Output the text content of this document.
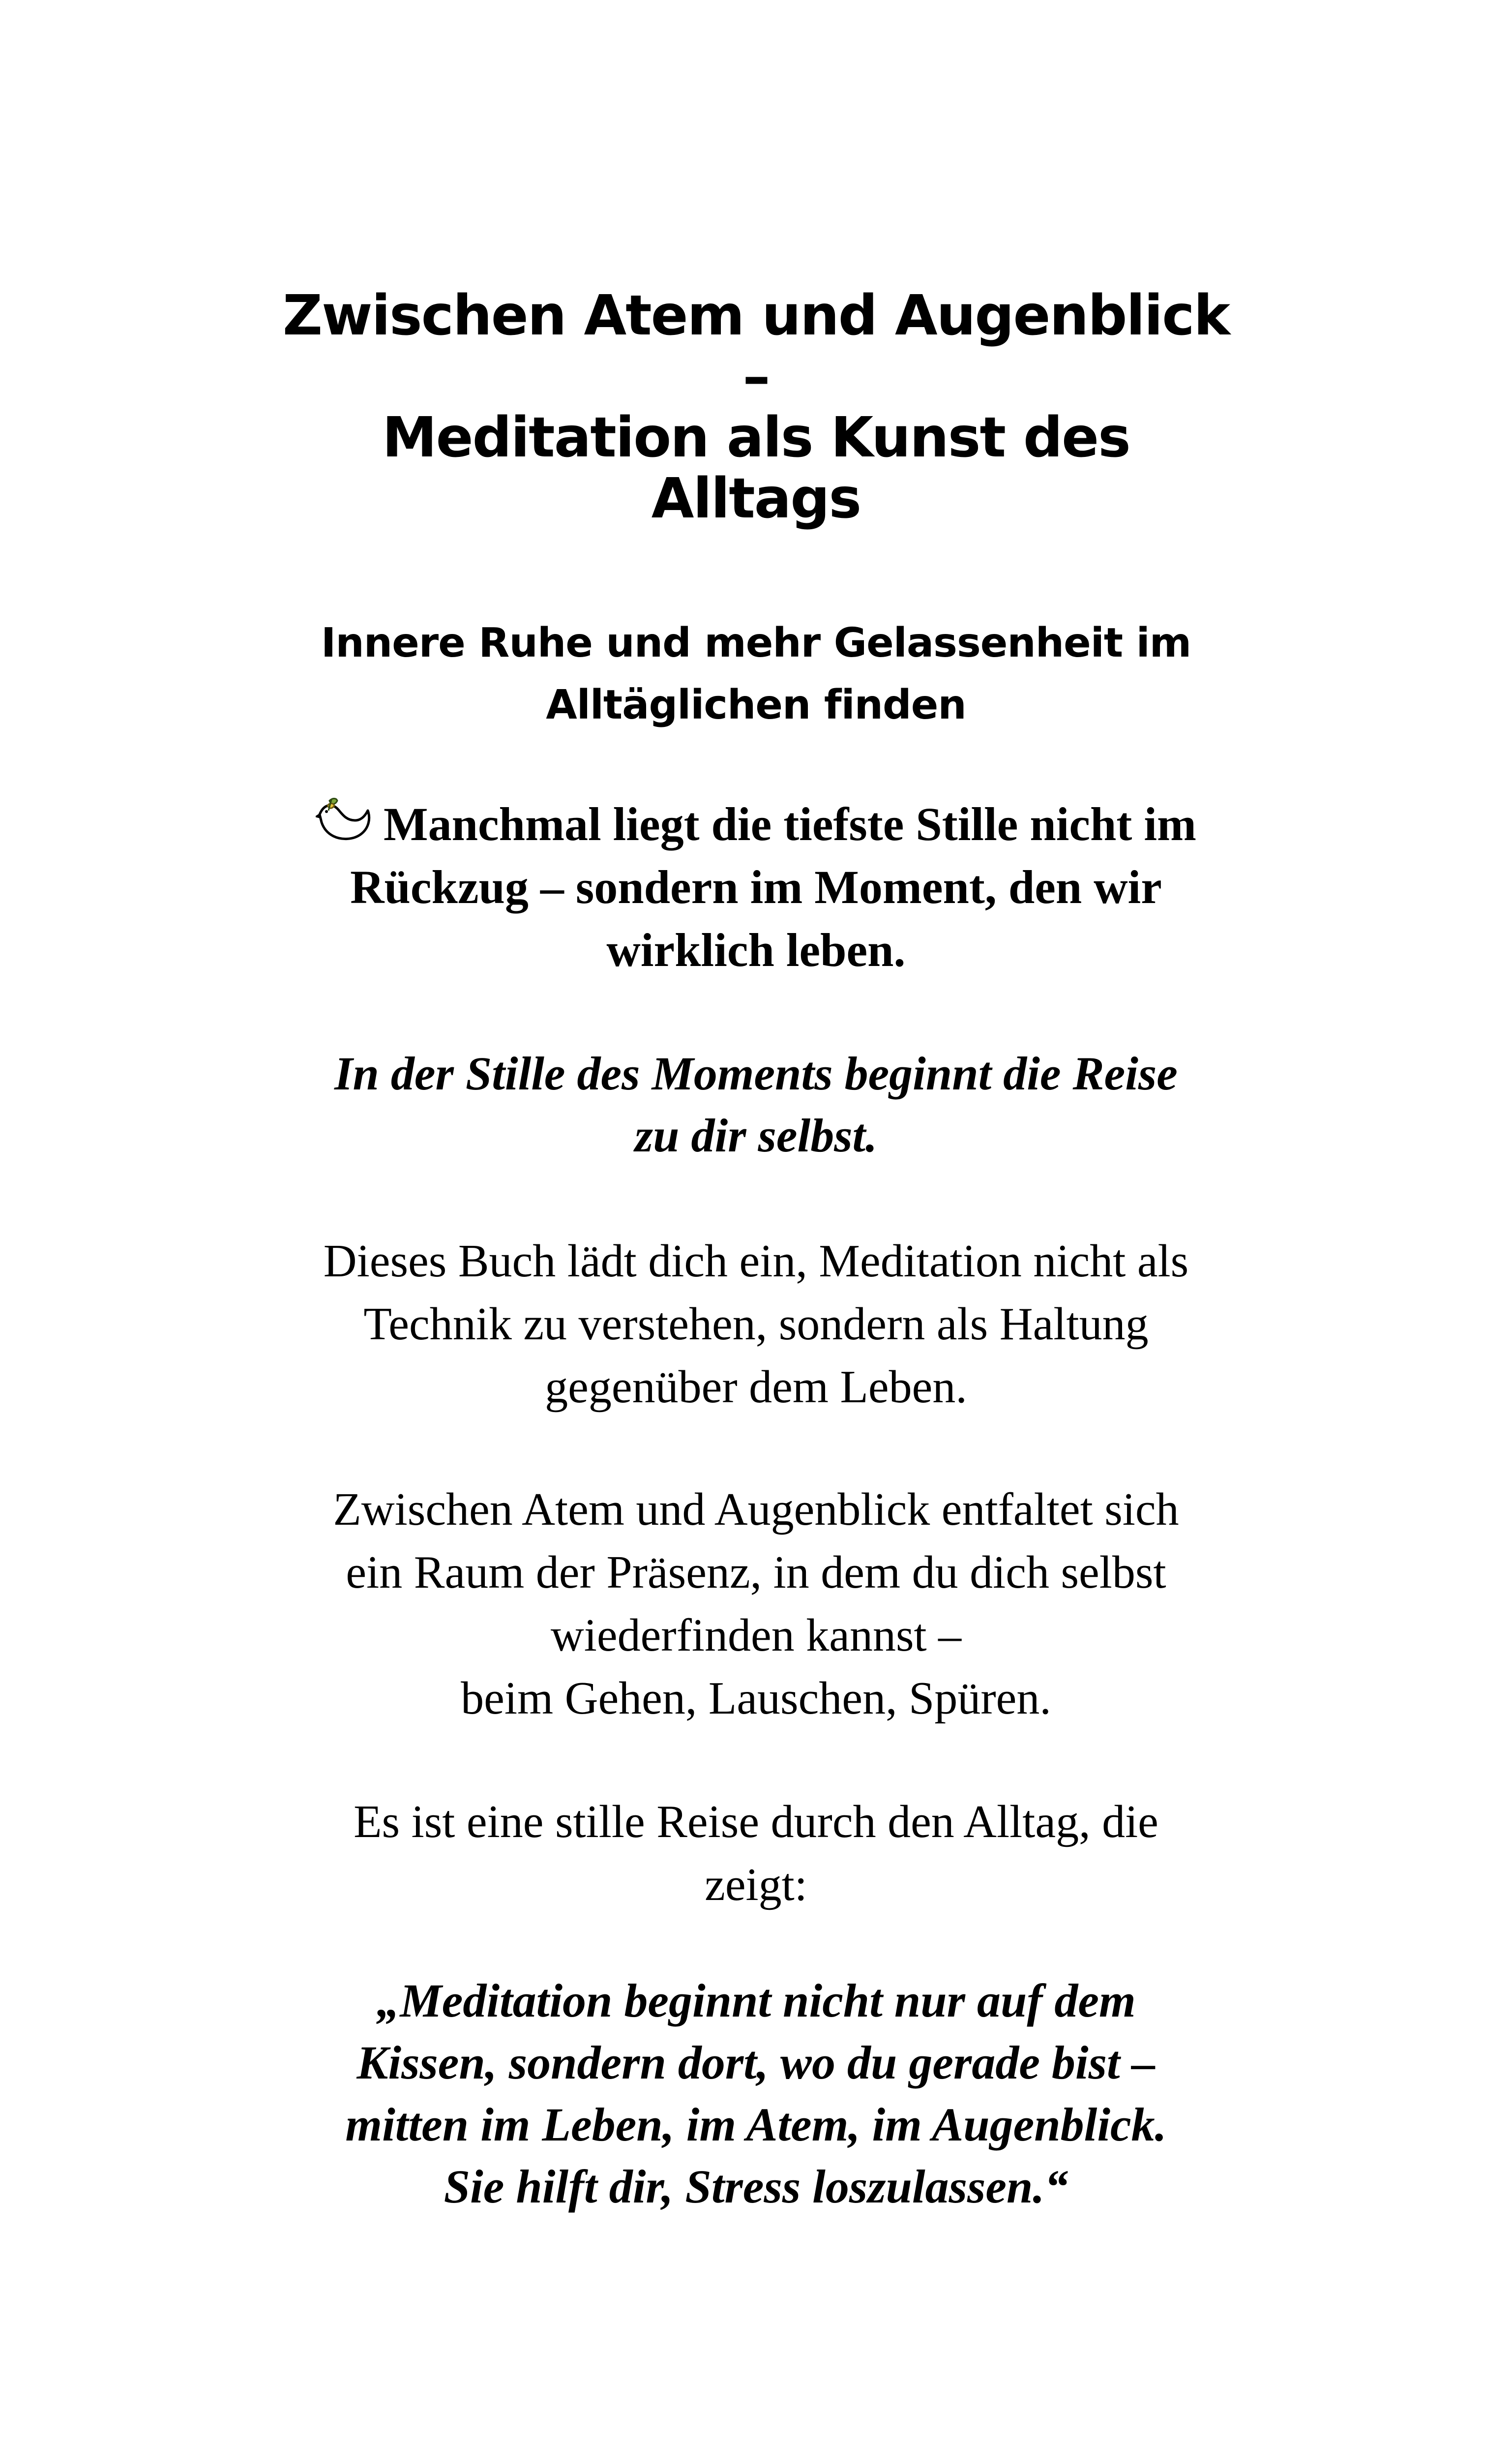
Zwischen Atem und Augenblick
–
Meditation als Kunst des
Alltags
Innere Ruhe und mehr Gelassenheit im
Alltäglichen finden
Manchmal liegt die tiefste Stille nicht im
Rückzug – sondern im Moment, den wir
wirklich leben.
In der Stille des Moments beginnt die Reise
zu dir selbst.
Dieses Buch lädt dich ein, Meditation nicht als
Technik zu verstehen, sondern als Haltung
gegenüber dem Leben.
Zwischen Atem und Augenblick entfaltet sich
ein Raum der Präsenz, in dem du dich selbst
wiederfinden kannst –
beim Gehen, Lauschen, Spüren.
Es ist eine stille Reise durch den Alltag, die
zeigt:
„Meditation beginnt nicht nur auf dem
Kissen, sondern dort, wo du gerade bist –
mitten im Leben, im Atem, im Augenblick.
Sie hilft dir, Stress loszulassen.“
